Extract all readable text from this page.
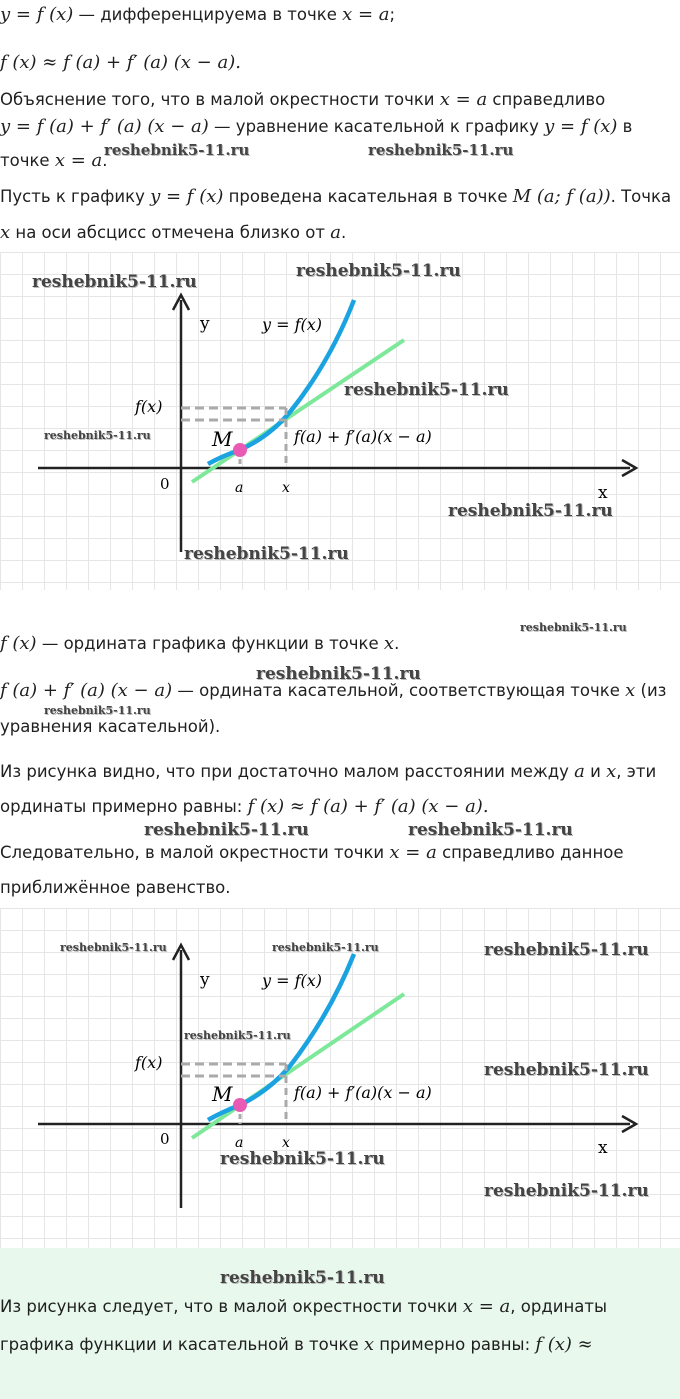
y = f (x) — дифференцируема в точке x = a;
f (x) ≈ f (a) + f′ (a) (x − a).
Объяснение того, что в малой окрестности точки x = a справедливо
y = f (a) + f′ (a) (x − a) — уравнение касательной к графику y = f (x) в
точке x = a.
Пусть к графику y = f (x) проведена касательная в точке M (a; f (a)). Точка
x на оси абсцисс отмечена близко от a.
y
x
0
y = f(x)
f(a) + f′(a)(x − a)
f(x)
M
a	x
f (x) — ордината графика функции в точке x.
f (a) + f′ (a) (x − a) — ордината касательной, соответствующая точке x (из
уравнения касательной).
Из рисунка видно, что при достаточно малом расстоянии между a и x, эти
ординаты примерно равны: f (x) ≈ f (a) + f′ (a) (x − a).
Следовательно, в малой окрестности точки x = a справедливо данное
приближённое равенство.
y
x
0
y = f(x)
f(a) + f′(a)(x − a)
f(x)
M
a	x
Из рисунка следует, что в малой окрестности точки x = a, ординаты
графика функции и касательной в точке x примерно равны: f (x) ≈
reshebnik5-11.ru	reshebnik5-11.ru
reshebnik5-11.ru
reshebnik5-11.ru
reshebnik5-11.ru
reshebnik5-11.ru
reshebnik5-11.ru
reshebnik5-11.ru
reshebnik5-11.ru
reshebnik5-11.ru
reshebnik5-11.ru
reshebnik5-11.ru	reshebnik5-11.ru
reshebnik5-11.ru	reshebnik5-11.ru	reshebnik5-11.ru
reshebnik5-11.ru
reshebnik5-11.ru
reshebnik5-11.ru
reshebnik5-11.ru
reshebnik5-11.ru
